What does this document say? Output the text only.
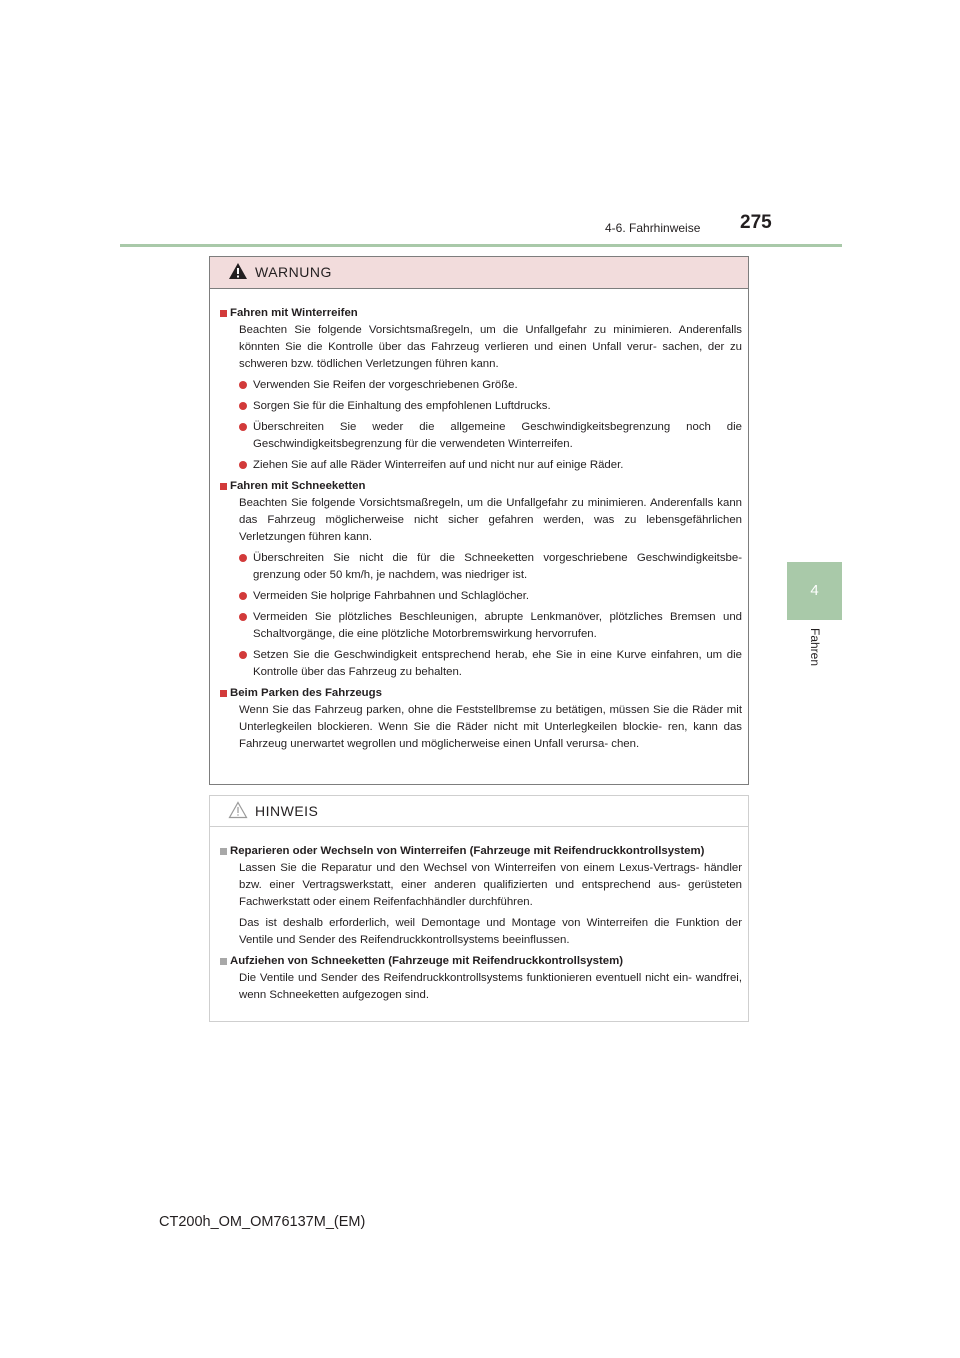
4-6. Fahrhinweise 275
4
Fahren
WARNUNG
Fahren mit Winterreifen
Beachten Sie folgende Vorsichtsmaßregeln, um die Unfallgefahr zu minimieren. Anderenfalls könnten Sie die Kontrolle über das Fahrzeug verlieren und einen Unfall verur- sachen, der zu schweren bzw. tödlichen Verletzungen führen kann.
Verwenden Sie Reifen der vorgeschriebenen Größe.
Sorgen Sie für die Einhaltung des empfohlenen Luftdrucks.
Überschreiten Sie weder die allgemeine Geschwindigkeitsbegrenzung noch die Geschwindigkeitsbegrenzung für die verwendeten Winterreifen.
Ziehen Sie auf alle Räder Winterreifen auf und nicht nur auf einige Räder.
Fahren mit Schneeketten
Beachten Sie folgende Vorsichtsmaßregeln, um die Unfallgefahr zu minimieren. Anderenfalls kann das Fahrzeug möglicherweise nicht sicher gefahren werden, was zu lebensgefährlichen Verletzungen führen kann.
Überschreiten Sie nicht die für die Schneeketten vorgeschriebene Geschwindigkeitsbe- grenzung oder 50 km/h, je nachdem, was niedriger ist.
Vermeiden Sie holprige Fahrbahnen und Schlaglöcher.
Vermeiden Sie plötzliches Beschleunigen, abrupte Lenkmanöver, plötzliches Bremsen und Schaltvorgänge, die eine plötzliche Motorbremswirkung hervorrufen.
Setzen Sie die Geschwindigkeit entsprechend herab, ehe Sie in eine Kurve einfahren, um die Kontrolle über das Fahrzeug zu behalten.
Beim Parken des Fahrzeugs
Wenn Sie das Fahrzeug parken, ohne die Feststellbremse zu betätigen, müssen Sie die Räder mit Unterlegkeilen blockieren. Wenn Sie die Räder nicht mit Unterlegkeilen blockie- ren, kann das Fahrzeug unerwartet wegrollen und möglicherweise einen Unfall verursa- chen.
HINWEIS
Reparieren oder Wechseln von Winterreifen (Fahrzeuge mit Reifendruckkontrollsystem)
Lassen Sie die Reparatur und den Wechsel von Winterreifen von einem Lexus-Vertrags- händler bzw. einer Vertragswerkstatt, einer anderen qualifizierten und entsprechend aus- gerüsteten Fachwerkstatt oder einem Reifenfachhändler durchführen.
Das ist deshalb erforderlich, weil Demontage und Montage von Winterreifen die Funktion der Ventile und Sender des Reifendruckkontrollsystems beeinflussen.
Aufziehen von Schneeketten (Fahrzeuge mit Reifendruckkontrollsystem)
Die Ventile und Sender des Reifendruckkontrollsystems funktionieren eventuell nicht ein- wandfrei, wenn Schneeketten aufgezogen sind.
CT200h_OM_OM76137M_(EM)
